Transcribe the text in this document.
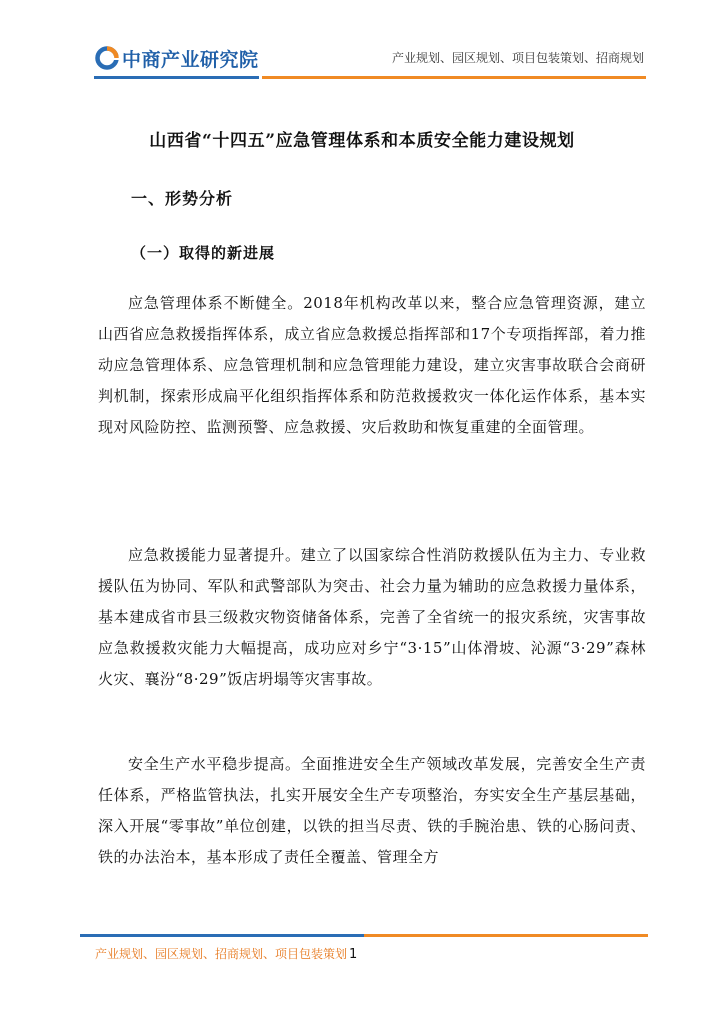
中商产业研究院	产业规划、园区规划、项目包装策划、招商规划
山西省“十四五”应急管理体系和本质安全能力建设规划
一、形势分析
（一）取得的新进展

应急管理体系不断健全。2018年机构改革以来，整合应急管理资源，建立山西省应急救援指挥体系，成立省应急救援总指挥部和17个专项指挥部，着力推动应急管理体系、应急管理机制和应急管理能力建设，建立灾害事故联合会商研判机制，探索形成扁平化组织指挥体系和防范救援救灾一体化运作体系，基本实现对风险防控、监测预警、应急救援、灾后救助和恢复重建的全面管理。

应急救援能力显著提升。建立了以国家综合性消防救援队伍为主力、专业救援队伍为协同、军队和武警部队为突击、社会力量为辅助的应急救援力量体系，基本建成省市县三级救灾物资储备体系，完善了全省统一的报灾系统，灾害事故应急救援救灾能力大幅提高，成功应对乡宁“3·15”山体滑坡、沁源“3·29”森林火灾、襄汾“8·29”饭店坍塌等灾害事故。

安全生产水平稳步提高。全面推进安全生产领域改革发展，完善安全生产责任体系，严格监管执法，扎实开展安全生产专项整治，夯实安全生产基层基础，深入开展“零事故”单位创建，以铁的担当尽责、铁的手腕治患、铁的心肠问责、铁的办法治本，基本形成了责任全覆盖、管理全方

产业规划、园区规划、招商规划、项目包装策划 1
